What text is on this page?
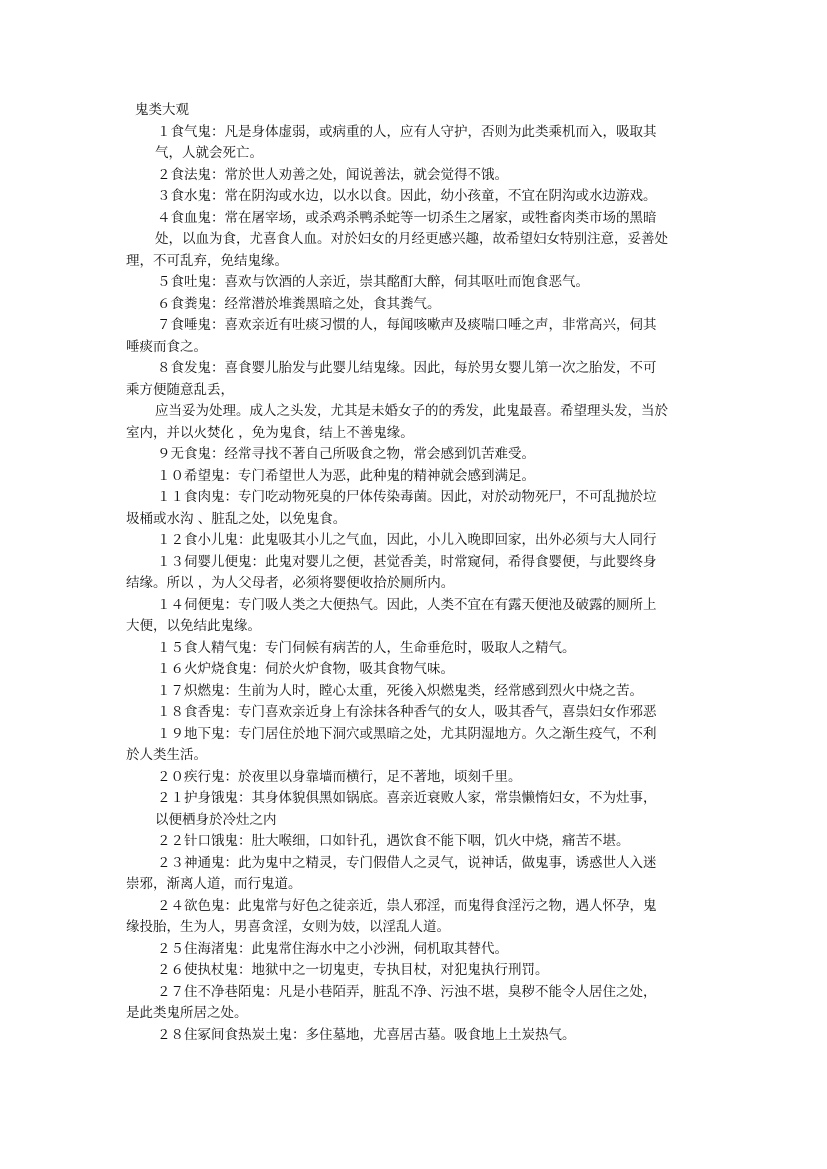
鬼类大观

１食气鬼：凡是身体虚弱，或病重的人，应有人守护，否则为此类乘机而入，吸取其

气，人就会死亡。

２食法鬼：常於世人劝善之处，闻说善法，就会觉得不饿。

３食水鬼：常在阴沟或水边，以水以食。因此，幼小孩童，不宜在阴沟或水边游戏。

４食血鬼：常在屠宰场，或杀鸡杀鸭杀蛇等一切杀生之屠家，或牲畜肉类市场的黑暗

处，以血为食，尤喜食人血。对於妇女的月经更感兴趣，故希望妇女特别注意，妥善处

理，不可乱弃，免结鬼缘。

５食吐鬼：喜欢与饮酒的人亲近，崇其酩酊大醉，伺其呕吐而饱食恶气。

６食粪鬼：经常潜於堆粪黑暗之处，食其粪气。

７食唾鬼：喜欢亲近有吐痰习惯的人，每闻咳嗽声及痰喘口唾之声，非常高兴，伺其

唾痰而食之。

８食发鬼：喜食婴儿胎发与此婴儿结鬼缘。因此，每於男女婴儿第一次之胎发，不可

乘方便随意乱丢，

应当妥为处理。成人之头发，尤其是未婚女子的的秀发，此鬼最喜。希望理头发，当於

室内，并以火焚化 ，免为鬼食，结上不善鬼缘。

９无食鬼：经常寻找不著自己所吸食之物，常会感到饥苦难受。

１０希望鬼：专门希望世人为恶，此种鬼的精神就会感到满足。

１１食肉鬼：专门吃动物死臭的尸体传染毒菌。因此，对於动物死尸，不可乱抛於垃

圾桶或水沟 、脏乱之处，以免鬼食。

１２食小儿鬼：此鬼吸其小儿之气血，因此，小儿入晚即回家，出外必须与大人同行

１３伺婴儿便鬼：此鬼对婴儿之便，甚觉香美，时常窥伺，希得食婴便，与此婴终身

结缘。所以 ，为人父母者，必须将婴便收拾於厕所内。

１４伺便鬼：专门吸人类之大便热气。因此，人类不宜在有露天便池及破露的厕所上

大便，以免结此鬼缘。

１５食人精气鬼：专门伺候有病苦的人，生命垂危时，吸取人之精气。

１６火炉烧食鬼：伺於火炉食物，吸其食物气味。

１７炽燃鬼：生前为人时，瞠心太重，死後入炽燃鬼类，经常感到烈火中烧之苦。

１８食香鬼：专门喜欢亲近身上有涂抹各种香气的女人，吸其香气，喜祟妇女作邪恶

１９地下鬼：专门居住於地下洞穴或黑暗之处，尤其阴湿地方。久之渐生疫气，不利

於人类生活。

２０疾行鬼：於夜里以身靠墙而横行，足不著地，顷刻千里。

２１护身饿鬼：其身体貌俱黑如锅底。喜亲近衰败人家，常祟懒惰妇女，不为灶事，

以便栖身於冷灶之内

２２针口饿鬼：肚大喉细，口如针孔，遇饮食不能下咽，饥火中烧，痛苦不堪。

２３神通鬼：此为鬼中之精灵，专门假借人之灵气，说神话，做鬼事，诱惑世人入迷

崇邪，渐离人道，而行鬼道。

２４欲色鬼：此鬼常与好色之徒亲近，祟人邪淫，而鬼得食淫污之物，遇人怀孕，鬼

缘投胎，生为人，男喜贪淫，女则为妓，以淫乱人道。

２５住海渚鬼：此鬼常住海水中之小沙洲，伺机取其替代。

２６使执杖鬼：地狱中之一切鬼吏，专执目杖，对犯鬼执行刑罚。

２７住不净巷陌鬼：凡是小巷陌弄，脏乱不净、污浊不堪，臭秽不能令人居住之处，

是此类鬼所居之处。

２８住冢间食热炭土鬼：多住墓地，尤喜居古墓。吸食地上土炭热气。
